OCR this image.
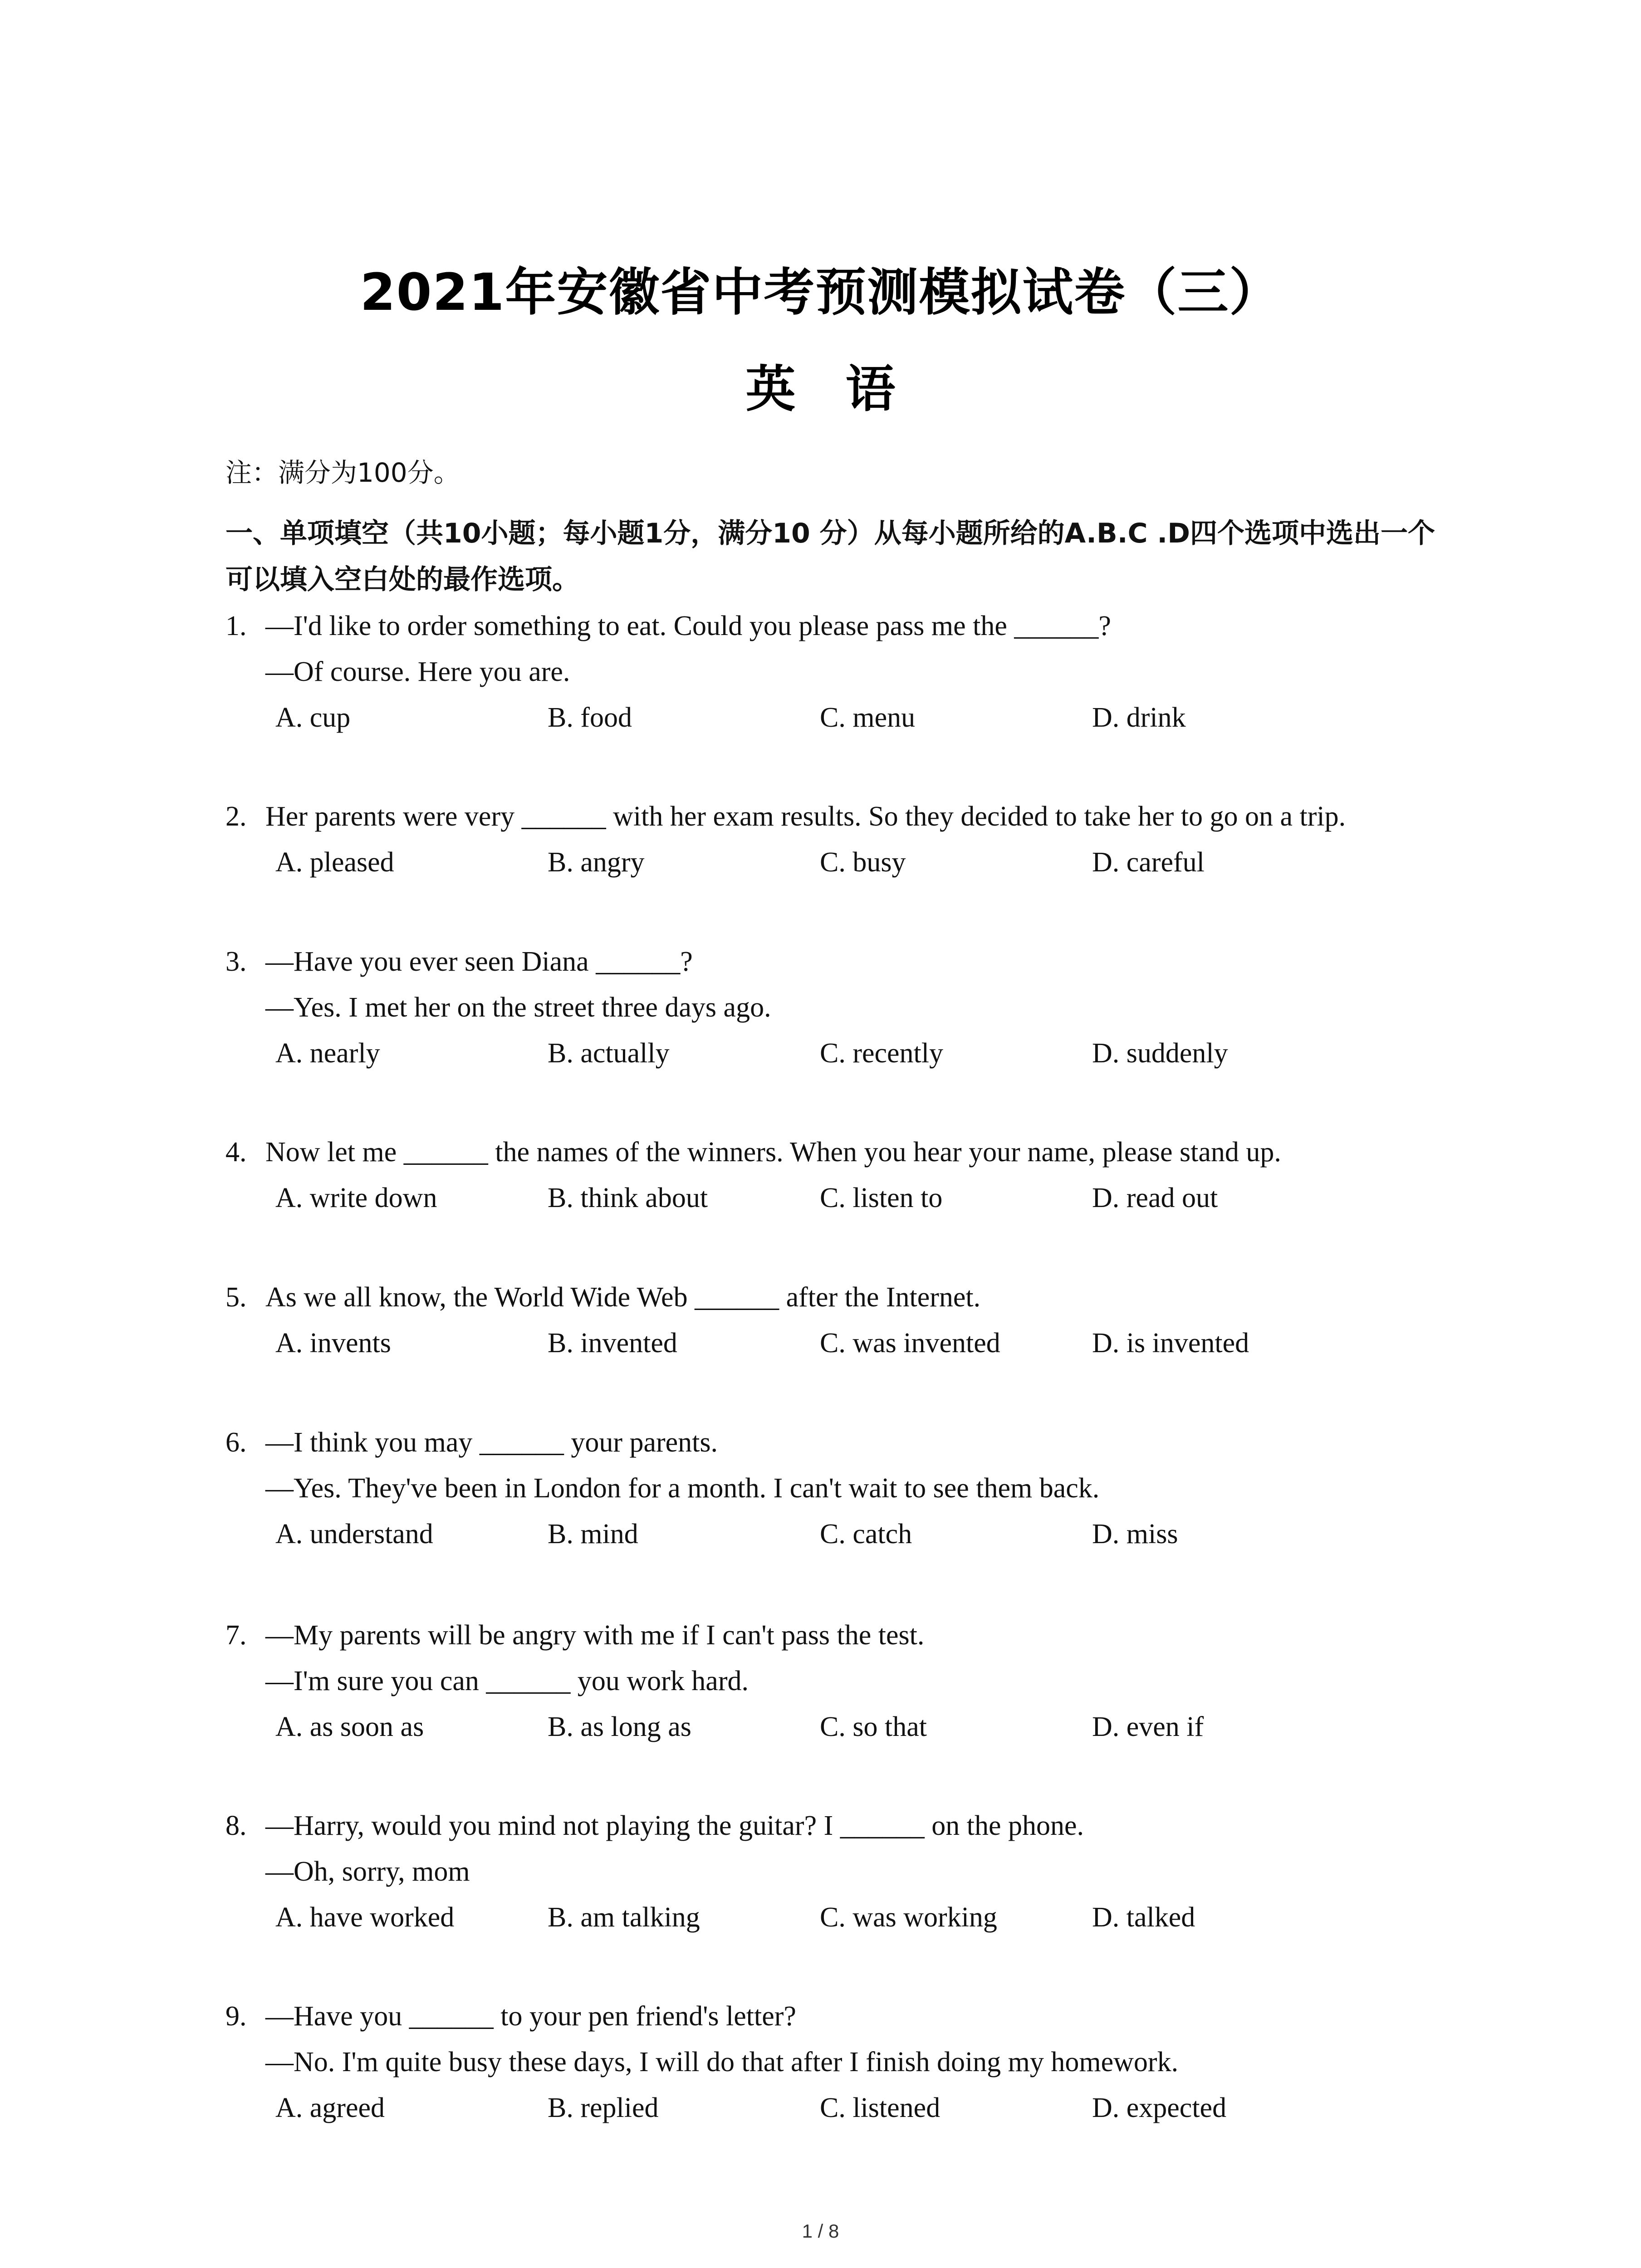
2021年安徽省中考预测模拟试卷（三）
英语
注：满分为100分。
一、单项填空（共10小题；每小题1分，满分10 分）从每小题所给的A.B.C .D四个选项中选出一个可以填入空白处的最作选项。
1. —I'd like to order something to eat. Could you please pass me the ______?
—Of course. Here you are.
A. cup	B. food	C. menu	D. drink
2. Her parents were very ______ with her exam results. So they decided to take her to go on a trip.
A. pleased	B. angry	C. busy	D. careful
3. —Have you ever seen Diana ______?
—Yes. I met her on the street three days ago.
A. nearly	B. actually	C. recently	D. suddenly
4. Now let me ______ the names of the winners. When you hear your name, please stand up.
A. write down	B. think about	C. listen to	D. read out
5. As we all know, the World Wide Web ______ after the Internet.
A. invents	B. invented	C. was invented	D. is invented
6. —I think you may ______ your parents.
—Yes. They've been in London for a month. I can't wait to see them back.
A. understand	B. mind	C. catch	D. miss
7. —My parents will be angry with me if I can't pass the test.
—I'm sure you can ______ you work hard.
A. as soon as	B. as long as	C. so that	D. even if
8. —Harry, would you mind not playing the guitar? I ______ on the phone.
—Oh, sorry, mom
A. have worked	B. am talking	C. was working	D. talked
9. —Have you ______ to your pen friend's letter?
—No. I'm quite busy these days, I will do that after I finish doing my homework.
A. agreed	B. replied	C. listened	D. expected
1 / 8
